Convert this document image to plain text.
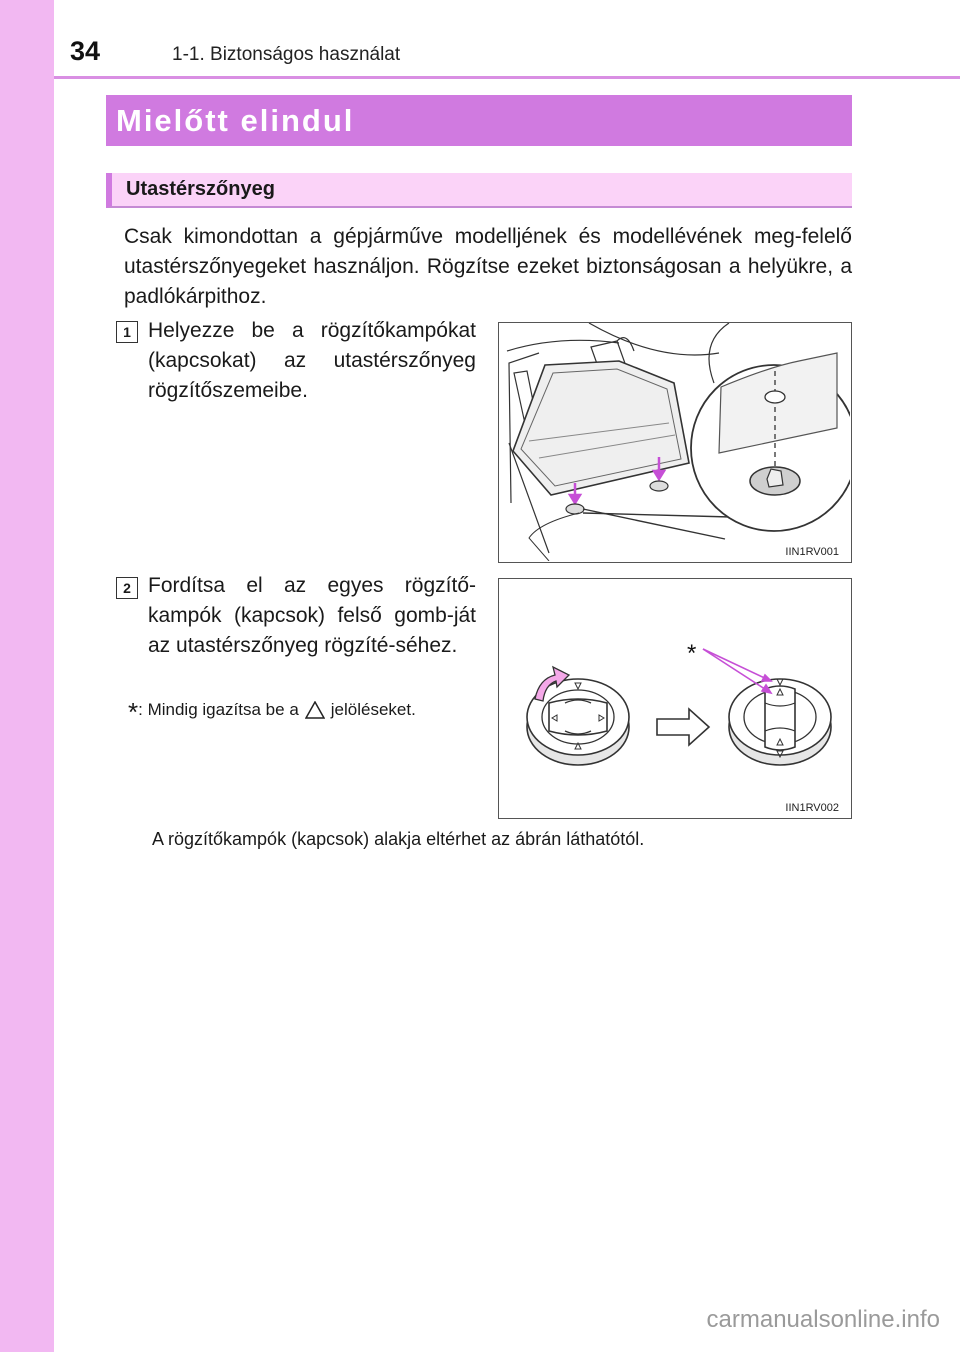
34	1-1. Biztonságos használat
Mielőtt elindul
Utastérszőnyeg

Csak kimondottan a gépjárműve modelljének és modellévének meg-felelő utastérszőnyegeket használjon. Rögzítse ezeket biztonságosan a helyükre, a padlókárpithoz.

1 Helyezze be a rögzítőkampókat (kapcsokat) az utastérszőnyeg rögzítőszemeibe.

IIN1RV001
2 Fordítsa el az egyes rögzítő-kampók (kapcsok) felső gomb-ját az utastérszőnyeg rögzíté-séhez.

*: Mindig igazítsa be a jelöléseket.
*
IIN1RV002
A rögzítőkampók (kapcsok) alakja eltérhet az ábrán láthatótól.
carmanualsonline.info
